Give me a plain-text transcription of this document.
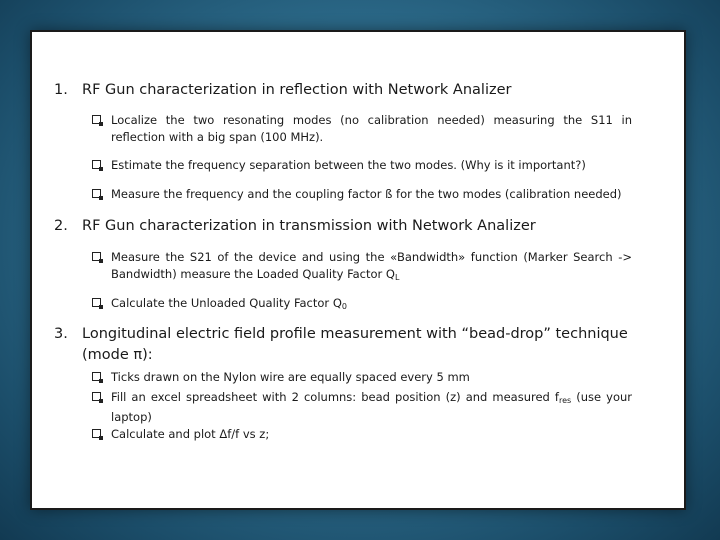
1. RF Gun characterization in reflection with Network Analizer
Localize the two resonating modes (no calibration needed) measuring the S11 in reflection with a big span (100 MHz).
Estimate the frequency separation between the two modes. (Why is it important?)
Measure the frequency and the coupling factor ß for the two modes (calibration needed)
2. RF Gun characterization in transmission with Network Analizer
Measure the S21 of the device and using the «Bandwidth» function (Marker Search -> Bandwidth) measure the Loaded Quality Factor $Q_L$
Calculate the Unloaded Quality Factor $Q_0$
3. Longitudinal electric field profile measurement with “bead-drop” technique (mode π):
Ticks drawn on the Nylon wire are equally spaced every 5 mm
Fill an excel spreadsheet with 2 columns: bead position (z) and measured $f_{res}$ (use your laptop)
Calculate and plot Δf/f vs z;
